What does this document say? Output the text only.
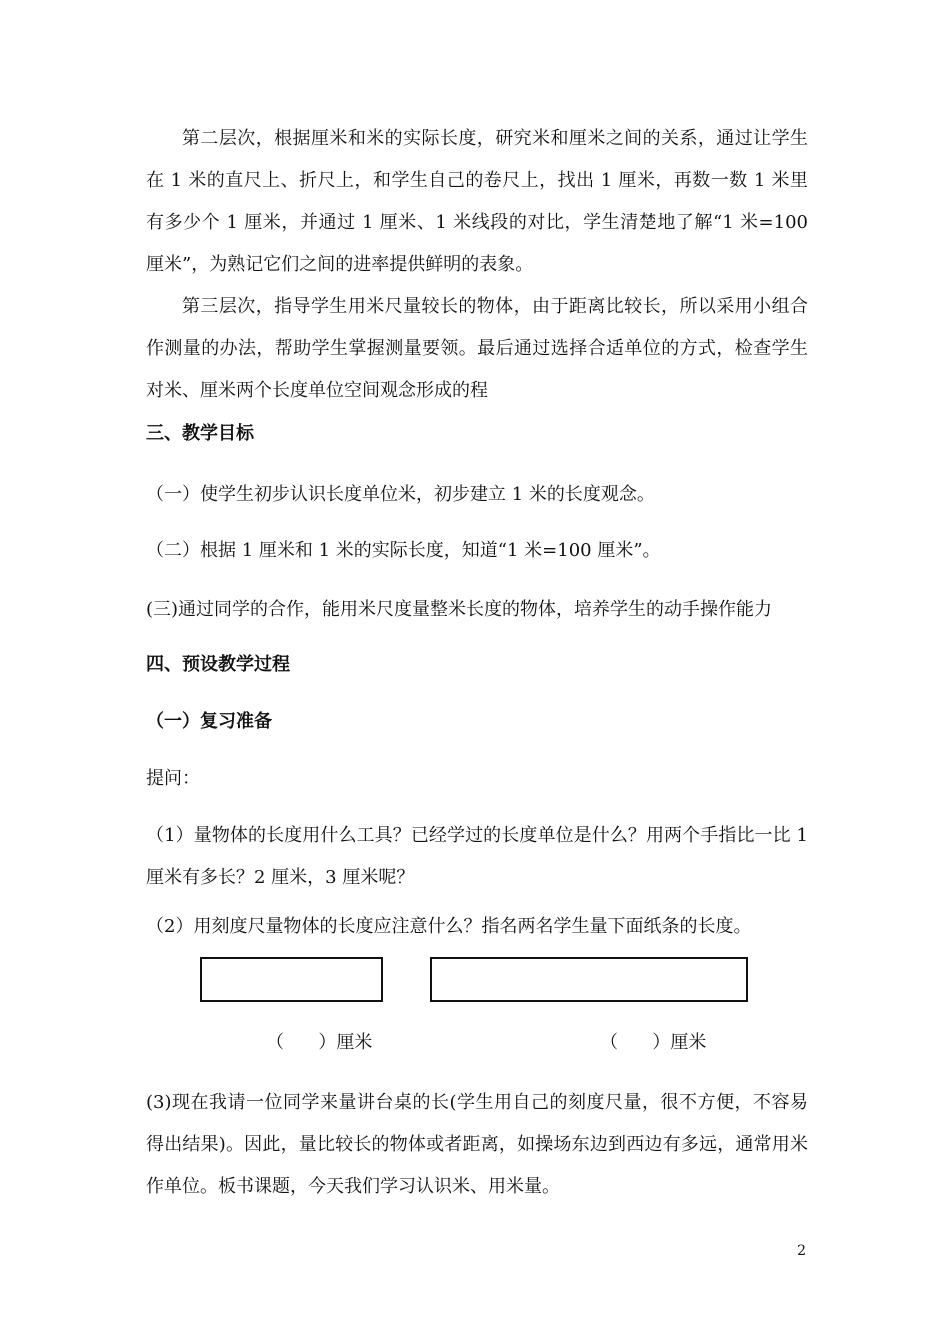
第二层次，根据厘米和米的实际长度，研究米和厘米之间的关系，通过让学生在 1 米的直尺上、折尺上，和学生自己的卷尺上，找出 1 厘米，再数一数 1 米里有多少个 1 厘米，并通过 1 厘米、1 米线段的对比，学生清楚地了解“1 米=100 厘米”，为熟记它们之间的进率提供鲜明的表象。

第三层次，指导学生用米尺量较长的物体，由于距离比较长，所以采用小组合作测量的办法，帮助学生掌握测量要领。最后通过选择合适单位的方式，检查学生对米、厘米两个长度单位空间观念形成的程

三、教学目标

（一）使学生初步认识长度单位米，初步建立 1 米的长度观念。

（二）根据 1 厘米和 1 米的实际长度，知道“1 米=100 厘米”。

(三)通过同学的合作，能用米尺度量整米长度的物体，培养学生的动手操作能力

四、预设教学过程

（一）复习准备

提问：

（1）量物体的长度用什么工具？已经学过的长度单位是什么？用两个手指比一比 1 厘米有多长？2 厘米，3 厘米呢？

（2）用刻度尺量物体的长度应注意什么？指名两名学生量下面纸条的长度。

（      ）厘米	（      ）厘米

(3)现在我请一位同学来量讲台桌的长(学生用自己的刻度尺量，很不方便，不容易得出结果)。因此，量比较长的物体或者距离，如操场东边到西边有多远，通常用米作单位。板书课题，今天我们学习认识米、用米量。

2
